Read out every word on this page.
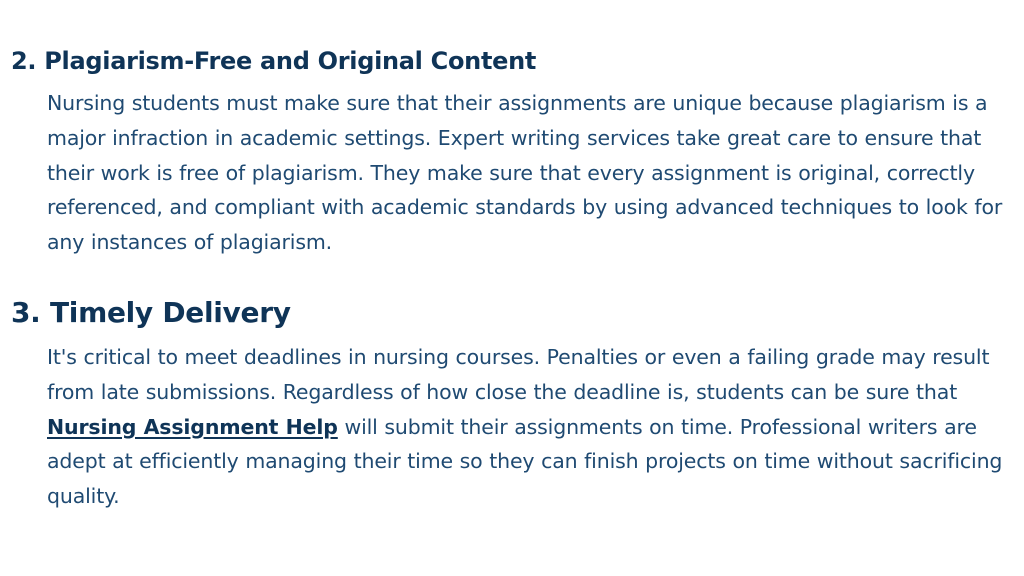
2. Plagiarism-Free and Original Content

Nursing students must make sure that their assignments are unique because plagiarism is a major infraction in academic settings. Expert writing services take great care to ensure that their work is free of plagiarism. They make sure that every assignment is original, correctly referenced, and compliant with academic standards by using advanced techniques to look for any instances of plagiarism.

3. Timely Delivery

It's critical to meet deadlines in nursing courses. Penalties or even a failing grade may result from late submissions. Regardless of how close the deadline is, students can be sure that Nursing Assignment Help will submit their assignments on time. Professional writers are adept at efficiently managing their time so they can finish projects on time without sacrificing quality.
